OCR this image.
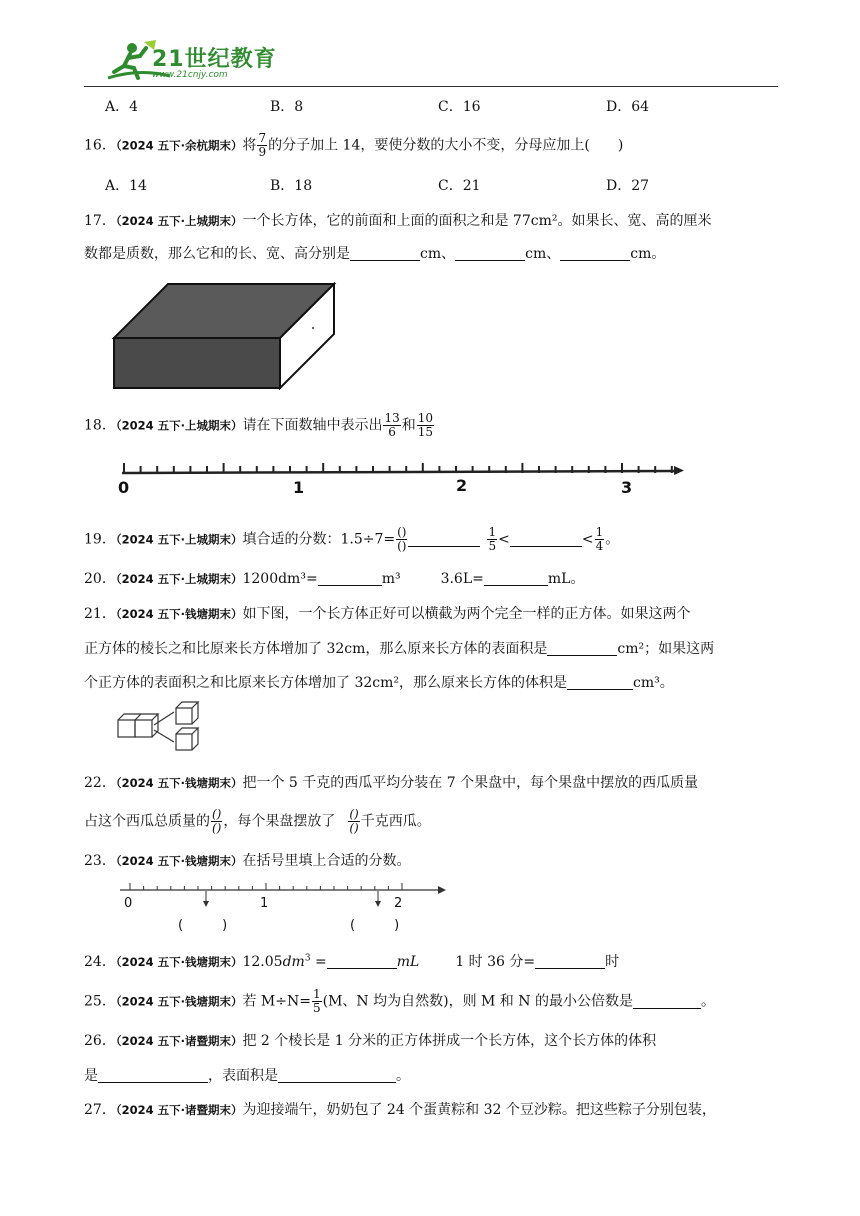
21世纪教育
www.21cnjy.com
A．4	B．8	C．16	D．64
16．（2024 五下·余杭期末）将 $\frac{7}{9}$ 的分子加上 14，要使分数的大小不变，分母应加上(　　)
A．14	B．18	C．21	D．27
17．（2024 五下·上城期末）一个长方体，它的前面和上面的面积之和是 77cm²。如果长、宽、高的厘米
数都是质数，那么它和的长、宽、高分别是	cm、	cm、	cm。
18．（2024 五下·上城期末）请在下面数轴中表示出 $\frac{13}{6}$ 和 $\frac{10}{15}$
0	1	2	3
19．（2024 五下·上城期末）填合适的分数：$1.5\div 7= \frac{()}{()}$	$\frac{1}{5}$ <	< $\frac{1}{4}$ 。
20．（2024 五下·上城期末）1200dm³=	m³	3.6L=	mL。
21．（2024 五下·钱塘期末）如下图，一个长方体正好可以横截为两个完全一样的正方体。如果这两个
正方体的棱长之和比原来长方体增加了 32cm，那么原来长方体的表面积是	cm²；如果这两
个正方体的表面积之和比原来长方体增加了 32cm²，那么原来长方体的体积是	cm³。
22．（2024 五下·钱塘期末）把一个 5 千克的西瓜平均分装在 7 个果盘中，每个果盘中摆放的西瓜质量
占这个西瓜总质量的 $\frac{()}{()}$ ，每个果盘摆放了 $\frac{()}{()}$ 千克西瓜。
23．（2024 五下·钱塘期末）在括号里填上合适的分数。
0	1	2
(　　　)	(　　　)
24．（2024 五下·钱塘期末）$12.05dm^3$ =	mL	1 时 36 分=	时
25．（2024 五下·钱塘期末）若 $M\div N= \frac{1}{5} (M$、N 均为自然数)，则 M 和 N 的最小公倍数是	。
26．（2024 五下·诸暨期末）把 2 个棱长是 1 分米的正方体拼成一个长方体，这个长方体的体积
是	，表面积是	。
27．（2024 五下·诸暨期末）为迎接端午，奶奶包了 24 个蛋黄粽和 32 个豆沙粽。把这些粽子分别包装，
